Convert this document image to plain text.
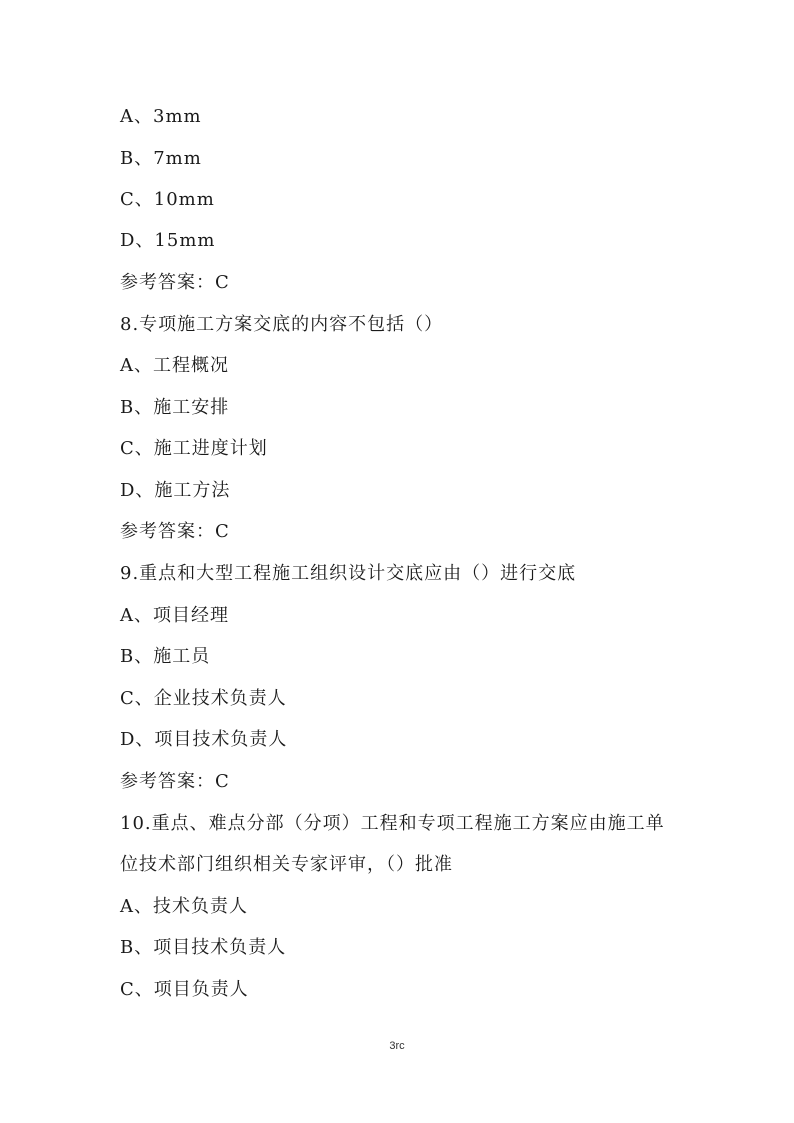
A、3mm
B、7mm
C、10mm
D、15mm
参考答案：C
8.专项施工方案交底的内容不包括（）
A、工程概况
B、施工安排
C、施工进度计划
D、施工方法
参考答案：C
9.重点和大型工程施工组织设计交底应由（）进行交底
A、项目经理
B、施工员
C、企业技术负责人
D、项目技术负责人
参考答案：C
10.重点、难点分部（分项）工程和专项工程施工方案应由施工单
位技术部门组织相关专家评审，（）批准
A、技术负责人
B、项目技术负责人
C、项目负责人
3rc
